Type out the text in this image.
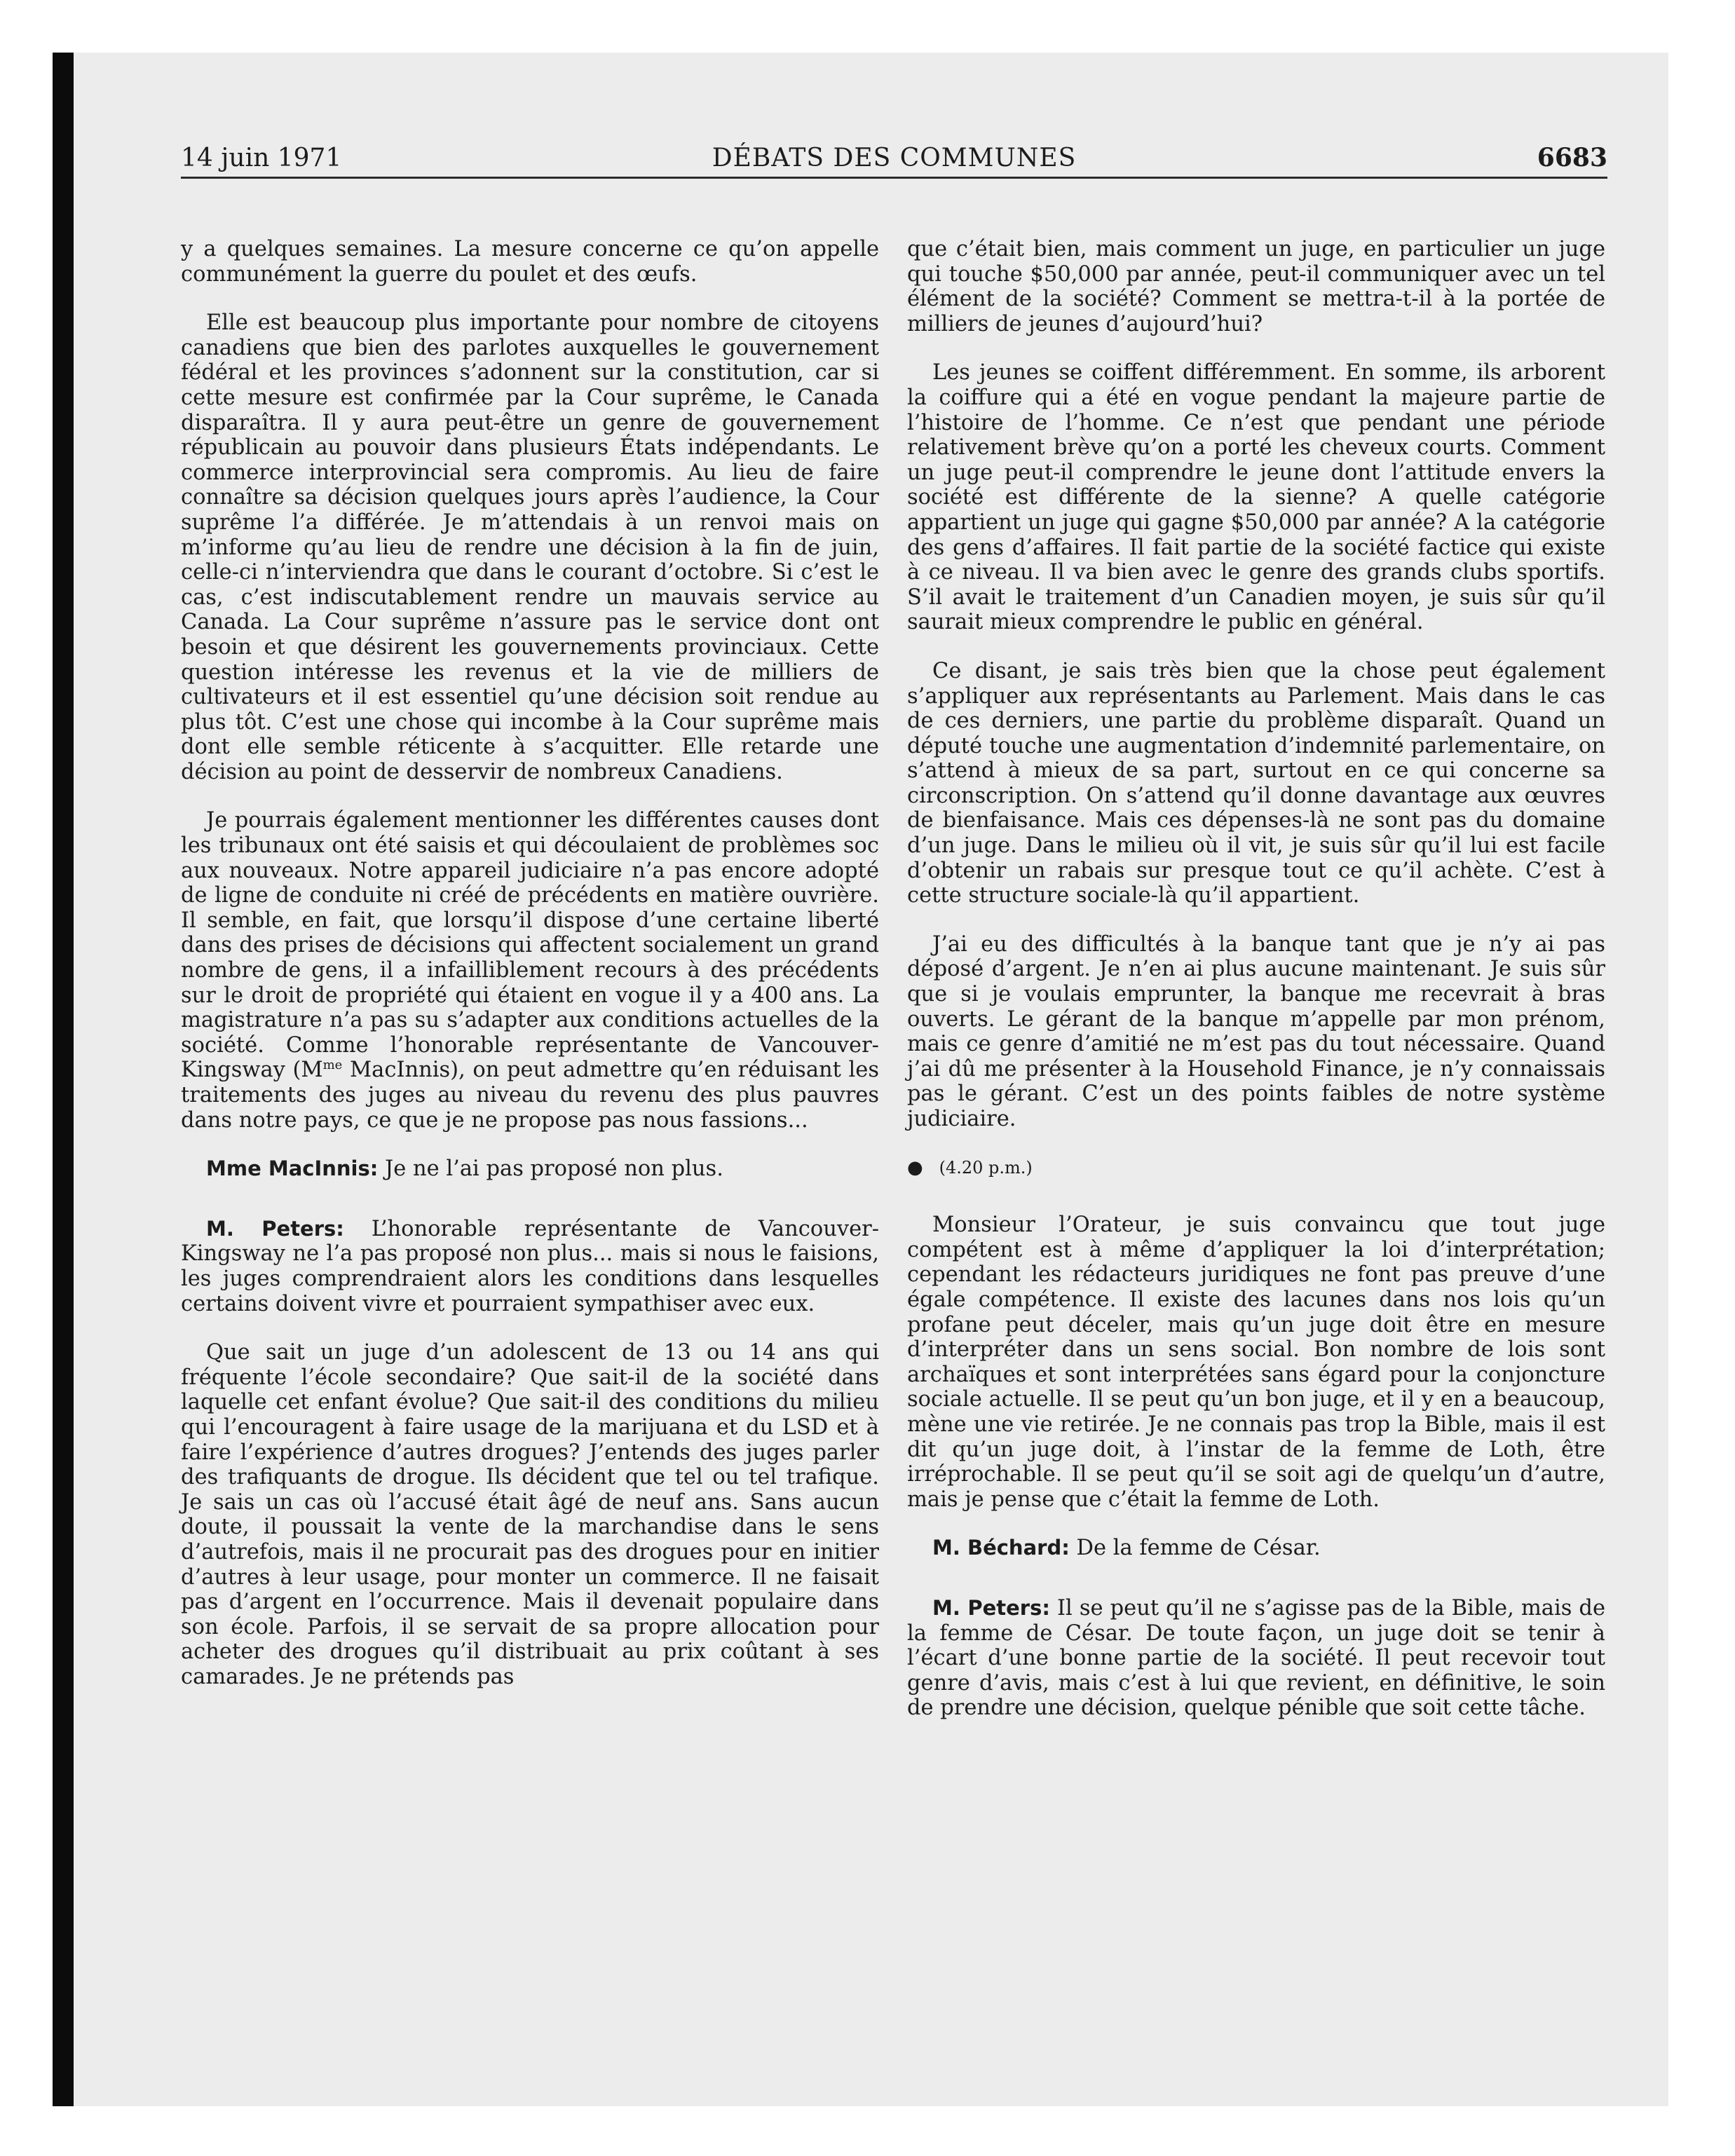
14 juin 1971	DÉBATS DES COMMUNES	6683

y a quelques semaines. La mesure concerne ce qu’on appelle communément la guerre du poulet et des œufs.

Elle est beaucoup plus importante pour nombre de citoyens canadiens que bien des parlotes auxquelles le gouvernement fédéral et les provinces s’adonnent sur la constitution, car si cette mesure est confirmée par la Cour suprême, le Canada disparaîtra. Il y aura peut-être un genre de gouvernement républicain au pouvoir dans plusieurs États indépendants. Le commerce interprovincial sera compromis. Au lieu de faire connaître sa décision quelques jours après l’audience, la Cour suprême l’a différée. Je m’attendais à un renvoi mais on m’informe qu’au lieu de rendre une décision à la fin de juin, celle-ci n’interviendra que dans le courant d’octobre. Si c’est le cas, c’est indiscutablement rendre un mauvais service au Canada. La Cour suprême n’assure pas le service dont ont besoin et que désirent les gouvernements provinciaux. Cette question intéresse les revenus et la vie de milliers de cultivateurs et il est essentiel qu’une décision soit rendue au plus tôt. C’est une chose qui incombe à la Cour suprême mais dont elle semble réticente à s’acquitter. Elle retarde une décision au point de desservir de nombreux Canadiens.

Je pourrais également mentionner les différentes causes dont les tribunaux ont été saisis et qui découlaient de problèmes soc aux nouveaux. Notre appareil judiciaire n’a pas encore adopté de ligne de conduite ni créé de précédents en matière ouvrière. Il semble, en fait, que lorsqu’il dispose d’une certaine liberté dans des prises de décisions qui affectent socialement un grand nombre de gens, il a infailliblement recours à des précédents sur le droit de propriété qui étaient en vogue il y a 400 ans. La magistrature n’a pas su s’adapter aux conditions actuelles de la société. Comme l’honorable représentante de Vancouver-Kingsway ($M^{me}$ MacInnis), on peut admettre qu’en réduisant les traitements des juges au niveau du revenu des plus pauvres dans notre pays, ce que je ne propose pas nous fassions...

Mme MacInnis: Je ne l’ai pas proposé non plus.

M. Peters: L’honorable représentante de Vancouver-Kingsway ne l’a pas proposé non plus... mais si nous le faisions, les juges comprendraient alors les conditions dans lesquelles certains doivent vivre et pourraient sympathiser avec eux.

Que sait un juge d’un adolescent de 13 ou 14 ans qui fréquente l’école secondaire? Que sait-il de la société dans laquelle cet enfant évolue? Que sait-il des conditions du milieu qui l’encouragent à faire usage de la marijuana et du LSD et à faire l’expérience d’autres drogues? J’entends des juges parler des trafiquants de drogue. Ils décident que tel ou tel trafique. Je sais un cas où l’accusé était âgé de neuf ans. Sans aucun doute, il poussait la vente de la marchandise dans le sens d’autrefois, mais il ne procurait pas des drogues pour en initier d’autres à leur usage, pour monter un commerce. Il ne faisait pas d’argent en l’occurrence. Mais il devenait populaire dans son école. Parfois, il se servait de sa propre allocation pour acheter des drogues qu’il distribuait au prix coûtant à ses camarades. Je ne prétends pas

que c’était bien, mais comment un juge, en particulier un juge qui touche $50,000 par année, peut-il communiquer avec un tel élément de la société? Comment se mettra-t-il à la portée de milliers de jeunes d’aujourd’hui?

Les jeunes se coiffent différemment. En somme, ils arborent la coiffure qui a été en vogue pendant la majeure partie de l’histoire de l’homme. Ce n’est que pendant une période relativement brève qu’on a porté les cheveux courts. Comment un juge peut-il comprendre le jeune dont l’attitude envers la société est différente de la sienne? A quelle catégorie appartient un juge qui gagne $50,000 par année? A la catégorie des gens d’affaires. Il fait partie de la société factice qui existe à ce niveau. Il va bien avec le genre des grands clubs sportifs. S’il avait le traitement d’un Canadien moyen, je suis sûr qu’il saurait mieux comprendre le public en général.

Ce disant, je sais très bien que la chose peut également s’appliquer aux représentants au Parlement. Mais dans le cas de ces derniers, une partie du problème disparaît. Quand un député touche une augmentation d’indemnité parlementaire, on s’attend à mieux de sa part, surtout en ce qui concerne sa circonscription. On s’attend qu’il donne davantage aux œuvres de bienfaisance. Mais ces dépenses-là ne sont pas du domaine d’un juge. Dans le milieu où il vit, je suis sûr qu’il lui est facile d’obtenir un rabais sur presque tout ce qu’il achète. C’est à cette structure sociale-là qu’il appartient.

J’ai eu des difficultés à la banque tant que je n’y ai pas déposé d’argent. Je n’en ai plus aucune maintenant. Je suis sûr que si je voulais emprunter, la banque me recevrait à bras ouverts. Le gérant de la banque m’appelle par mon prénom, mais ce genre d’amitié ne m’est pas du tout nécessaire. Quand j’ai dû me présenter à la Household Finance, je n’y connaissais pas le gérant. C’est un des points faibles de notre système judiciaire.

● (4.20 p.m.)

Monsieur l’Orateur, je suis convaincu que tout juge compétent est à même d’appliquer la loi d’interprétation; cependant les rédacteurs juridiques ne font pas preuve d’une égale compétence. Il existe des lacunes dans nos lois qu’un profane peut déceler, mais qu’un juge doit être en mesure d’interpréter dans un sens social. Bon nombre de lois sont archaïques et sont interprétées sans égard pour la conjoncture sociale actuelle. Il se peut qu’un bon juge, et il y en a beaucoup, mène une vie retirée. Je ne connais pas trop la Bible, mais il est dit qu’un juge doit, à l’instar de la femme de Loth, être irréprochable. Il se peut qu’il se soit agi de quelqu’un d’autre, mais je pense que c’était la femme de Loth.

M. Béchard: De la femme de César.

M. Peters: Il se peut qu’il ne s’agisse pas de la Bible, mais de la femme de César. De toute façon, un juge doit se tenir à l’écart d’une bonne partie de la société. Il peut recevoir tout genre d’avis, mais c’est à lui que revient, en définitive, le soin de prendre une décision, quelque pénible que soit cette tâche.
